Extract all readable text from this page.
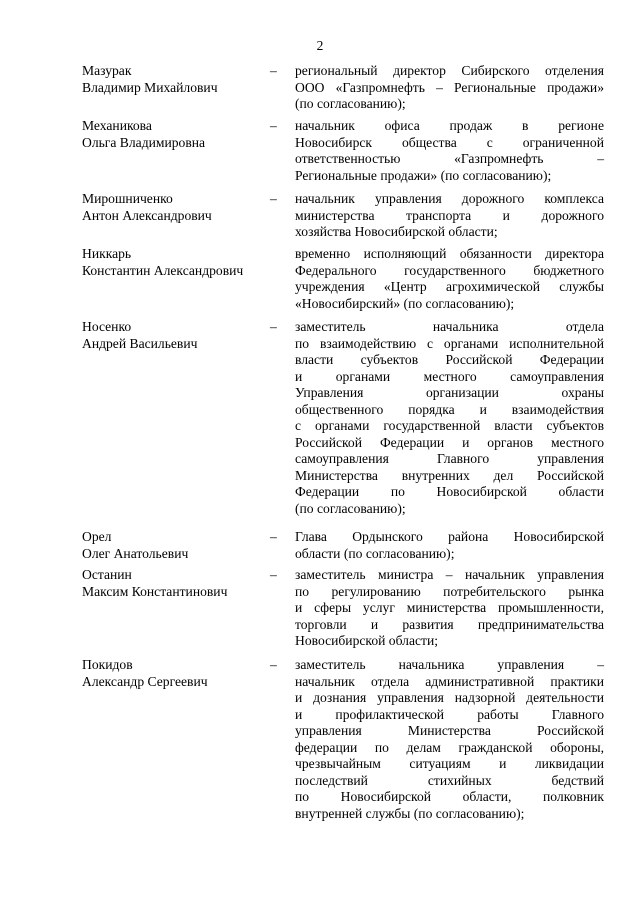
2
Мазурак
Владимир Михайлович
– региональный директор Сибирского отделения
ООО «Газпромнефть – Региональные продажи»
(по согласованию);
Механикова
Ольга Владимировна
– начальник офиса продаж в регионе
Новосибирск общества с ограниченной
ответственностью «Газпромнефть –
Региональные продажи» (по согласованию);
Мирошниченко
Антон Александрович
– начальник управления дорожного комплекса
министерства транспорта и дорожного
хозяйства Новосибирской области;
Никкарь
Константин Александрович
временно исполняющий обязанности директора
Федерального государственного бюджетного
учреждения «Центр агрохимической службы
«Новосибирский» (по согласованию);
Носенко
Андрей Васильевич
– заместитель начальника отдела
по взаимодействию с органами исполнительной
власти субъектов Российской Федерации
и органами местного самоуправления
Управления организации охраны
общественного порядка и взаимодействия
с органами государственной власти субъектов
Российской Федерации и органов местного
самоуправления Главного управления
Министерства внутренних дел Российской
Федерации по Новосибирской области
(по согласованию);
Орел
Олег Анатольевич
– Глава Ордынского района Новосибирской
области (по согласованию);
Останин
Максим Константинович
– заместитель министра – начальник управления
по регулированию потребительского рынка
и сферы услуг министерства промышленности,
торговли и развития предпринимательства
Новосибирской области;
Покидов
Александр Сергеевич
– заместитель начальника управления –
начальник отдела административной практики
и дознания управления надзорной деятельности
и профилактической работы Главного
управления Министерства Российской
федерации по делам гражданской обороны,
чрезвычайным ситуациям и ликвидации
последствий стихийных бедствий
по Новосибирской области, полковник
внутренней службы (по согласованию);
